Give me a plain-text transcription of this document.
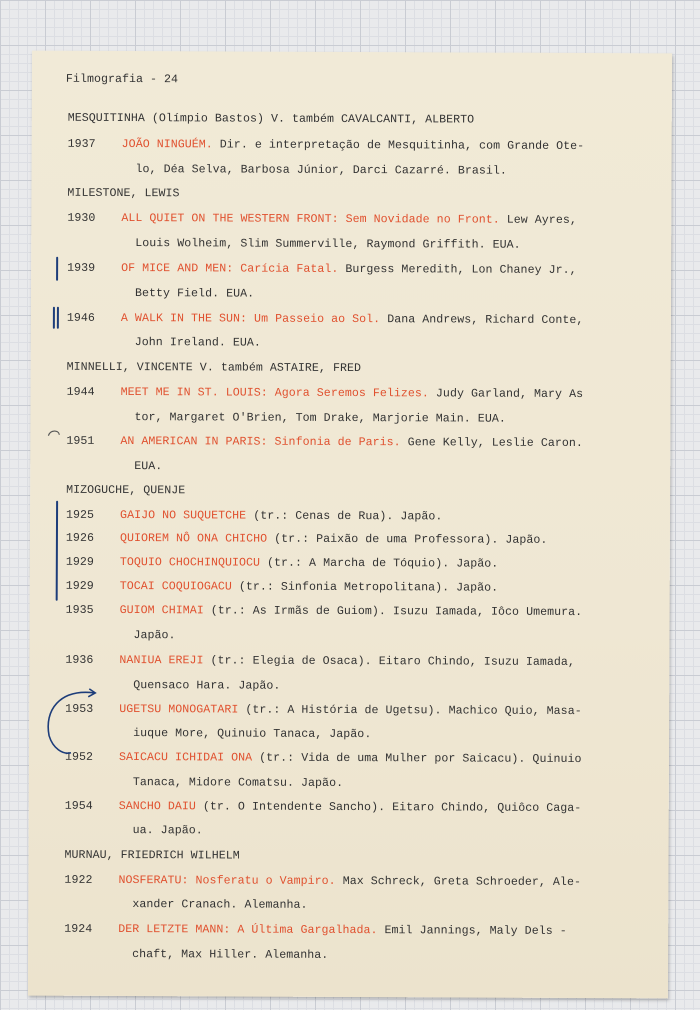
Filmografia - 24
MESQUITINHA (Olímpio Bastos) V. também CAVALCANTI, ALBERTO
1937 JOÃO NINGUÉM. Dir. e interpretação de Mesquitinha, com Grande Ote-
lo, Déa Selva, Barbosa Júnior, Darci Cazarré. Brasil.
MILESTONE, LEWIS
1930 ALL QUIET ON THE WESTERN FRONT: Sem Novidade no Front. Lew Ayres,
Louis Wolheim, Slim Summerville, Raymond Griffith. EUA.
1939 OF MICE AND MEN: Carícia Fatal. Burgess Meredith, Lon Chaney Jr.,
Betty Field. EUA.
1946 A WALK IN THE SUN: Um Passeio ao Sol. Dana Andrews, Richard Conte,
John Ireland. EUA.
MINNELLI, VINCENTE V. também ASTAIRE, FRED
1944 MEET ME IN ST. LOUIS: Agora Seremos Felizes. Judy Garland, Mary As
tor, Margaret O'Brien, Tom Drake, Marjorie Main. EUA.
1951 AN AMERICAN IN PARIS: Sinfonia de Paris. Gene Kelly, Leslie Caron.
EUA.
MIZOGUCHE, QUENJE
1925 GAIJO NO SUQUETCHE (tr.: Cenas de Rua). Japão.
1926 QUIOREM NÔ ONA CHICHO (tr.: Paixão de uma Professora). Japão.
1929 TOQUIO CHOCHINQUIOCU (tr.: A Marcha de Tóquio). Japão.
1929 TOCAI COQUIOGACU (tr.: Sinfonia Metropolitana). Japão.
1935 GUIOM CHIMAI (tr.: As Irmãs de Guiom). Isuzu Iamada, Iôco Umemura.
Japão.
1936 NANIUA EREJI (tr.: Elegia de Osaca). Eitaro Chindo, Isuzu Iamada,
Quensaco Hara. Japão.
1953 UGETSU MONOGATARI (tr.: A História de Ugetsu). Machico Quio, Masa-
iuque More, Quinuio Tanaca, Japão.
1952 SAICACU ICHIDAI ONA (tr.: Vida de uma Mulher por Saicacu). Quinuio
Tanaca, Midore Comatsu. Japão.
1954 SANCHO DAIU (tr. O Intendente Sancho). Eitaro Chindo, Quiôco Caga-
ua. Japão.
MURNAU, FRIEDRICH WILHELM
1922 NOSFERATU: Nosferatu o Vampiro. Max Schreck, Greta Schroeder, Ale-
xander Cranach. Alemanha.
1924 DER LETZTE MANN: A Última Gargalhada. Emil Jannings, Maly Dels -
chaft, Max Hiller. Alemanha.
